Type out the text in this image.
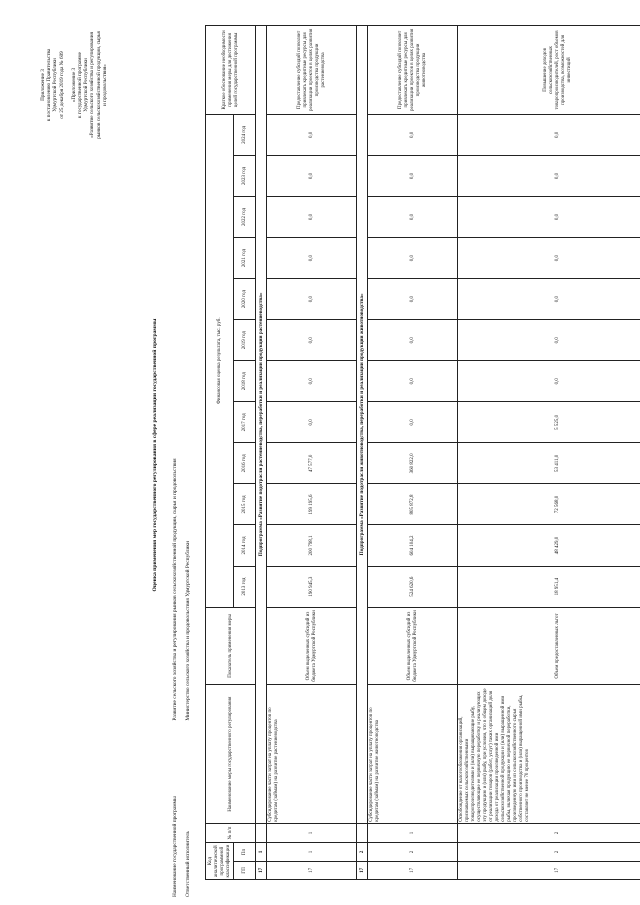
Приложение 3 к постановлению Правительства Удмуртской Республики от 25 декабря 2019 года № 609 «Приложение 3 к государственной программе Удмуртской Республики «Развитие сельского хозяйства и регулирования рынков сельскохозяйственной продукции, сырья и продовольствия»
Оценка применения мер государственного регулирования в сфере реализации государственной программы
Наименование государственной программы Развитие сельского хозяйства и регулирования рынков сельскохозяйственной продукции, сырья и продовольствия
Ответственный исполнитель Министерство сельского хозяйства и продовольствия Удмуртской Республики
Код аналитической программной классификации		№ п/п	Наименование меры государственного регулирования	Показатель применения меры	Финансовая оценка результата, тыс. руб.												Краткое обоснование необходимости применения меры для достижения целей государственной программы
ГП	Пп				2013 год	2014 год	2015 год	2016 год	2017 год	2018 год	2019 год	2020 год	2021 год	2022 год	2023 год	2024 год	

17	1		Подпрограмма «Развитие подотрасли растениеводства, переработки и реализации продукции растениеводства»														
17	1	1	Субсидирование части затрат на уплату процентов по кредитам (займам) на развитие растениеводства	Объем выделенных субсидий из бюджета Удмуртской Республики	190 945,3	200 798,1	199 195,6	47 577,0	0,0	0,0	0,0	0,0	0,0	0,0	0,0	0,0	Предоставление субсидий позволяет привлекать кредитные ресурсы для реализации проектов в целях развития производства продукции растениеводства
17	2		Подпрограмма «Развитие подотрасли животноводства, переработки и реализации продукции животноводства»														
17	2	1	Субсидирование части затрат на уплату процентов по кредитам (займам) на развитие животноводства	Объем выделенных субсидий из бюджета Удмуртской Республики	524 620,6	604 104,2	805 872,8	360 822,0	0,0	0,0	0,0	0,0	0,0	0,0	0,0	0,0	Предоставление субсидий позволяет привлекать кредитные ресурсы для реализации проектов в целях развития производства продукции животноводства
17	2	2	Освобождение от налогообложения организаций, признаваемых сельскохозяйственными товаропроизводителями и (или) выращивающие рыбу, осуществляющие ее первичную переработку и реализующих эту продукцию и (или) рыбу, при условии, что в общем доходе от реализации товаров (работ, услуг) таких организаций доля дохода от реализации произведенной ими сельскохозяйственной продукции и (или) выращенной ими рыбы, включая продукцию ее первичной переработки, произведенную ими из сельскохозяйственного сырья собственного производства и (или) выращенной ими рыбы, составляет не менее 70 процентов	Объем предоставленных льгот	18 951,4	48 429,0	72 568,0	53 411,0	5 525,0	0,0	0,0	0,0	0,0	0,0	0,0	0,0	Повышение доходов сельскохозяйственных товаропроизводителей, рост объемов производства, возможностей для инвестиций
